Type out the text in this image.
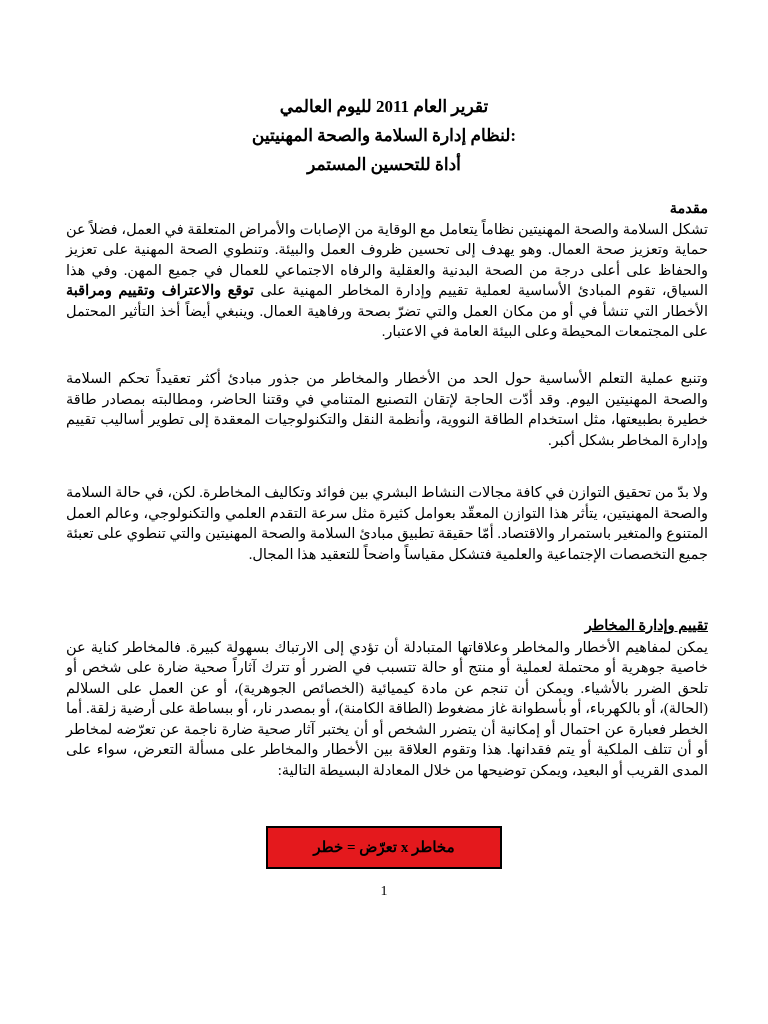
تقرير العام 2011 لليوم العالمي

لنظام إدارة السلامة والصحة المهنيتين:

أداة للتحسين المستمر

مقدمة

تشكل السلامة والصحة المهنيتين نظاماً يتعامل مع الوقاية من الإصابات والأمراض المتعلقة في العمل، فضلاً عن حماية وتعزيز صحة العمال. وهو يهدف إلى تحسين ظروف العمل والبيئة. وتنطوي الصحة المهنية على تعزيز والحفاظ على أعلى درجة من الصحة البدنية والعقلية والرفاه الاجتماعي للعمال في جميع المهن. وفي هذا السياق، تقوم المبادئ الأساسية لعملية تقييم وإدارة المخاطر المهنية على توقع والاعتراف وتقييم ومراقبة الأخطار التي تنشأ في أو من مكان العمل والتي تضرّ بصحة ورفاهية العمال. وينبغي أيضاً أخذ التأثير المحتمل على المجتمعات المحيطة وعلى البيئة العامة في الاعتبار.

وتنبع عملية التعلم الأساسية حول الحد من الأخطار والمخاطر من جذور مبادئ أكثر تعقيداً تحكم السلامة والصحة المهنيتين اليوم. وقد أدّت الحاجة لإتقان التصنيع المتنامي في وقتنا الحاضر، ومطالبته بمصادر طاقة خطيرة بطبيعتها، مثل استخدام الطاقة النووية، وأنظمة النقل والتكنولوجيات المعقدة إلى تطوير أساليب تقييم وإدارة المخاطر بشكل أكبر.

ولا بدّ من تحقيق التوازن في كافة مجالات النشاط البشري بين فوائد وتكاليف المخاطرة. لكن، في حالة السلامة والصحة المهنيتين، يتأثر هذا التوازن المعقّد بعوامل كثيرة مثل سرعة التقدم العلمي والتكنولوجي، وعالم العمل المتنوع والمتغير باستمرار والاقتصاد. أمّا حقيقة تطبيق مبادئ السلامة والصحة المهنيتين والتي تنطوي على تعبئة جميع التخصصات الإجتماعية والعلمية فتشكل مقياساً واضحاً للتعقيد هذا المجال.

تقييم وإدارة المخاطر

يمكن لمفاهيم الأخطار والمخاطر وعلاقاتها المتبادلة أن تؤدي إلى الارتباك بسهولة كبيرة. فالمخاطر كناية عن خاصية جوهرية أو محتملة لعملية أو منتج أو حالة تتسبب في الضرر أو تترك آثاراً صحية ضارة على شخص أو تلحق الضرر بالأشياء. ويمكن أن تنجم عن مادة كيميائية (الخصائص الجوهرية)، أو عن العمل على السلالم (الحالة)، أو بالكهرباء، أو بأسطوانة غاز مضغوط (الطاقة الكامنة)، أو بمصدر نار، أو ببساطة على أرضية زلقة. أما الخطر فعبارة عن احتمال أو إمكانية أن يتضرر الشخص أو أن يختبر آثار صحية ضارة ناجمة عن تعرّضه لمخاطر أو أن تتلف الملكية أو يتم فقدانها. هذا وتقوم العلاقة بين الأخطار والمخاطر على مسألة التعرض، سواء على المدى القريب أو البعيد، ويمكن توضيحها من خلال المعادلة البسيطة التالية:

مخاطر x تعرّض = خطر
1
